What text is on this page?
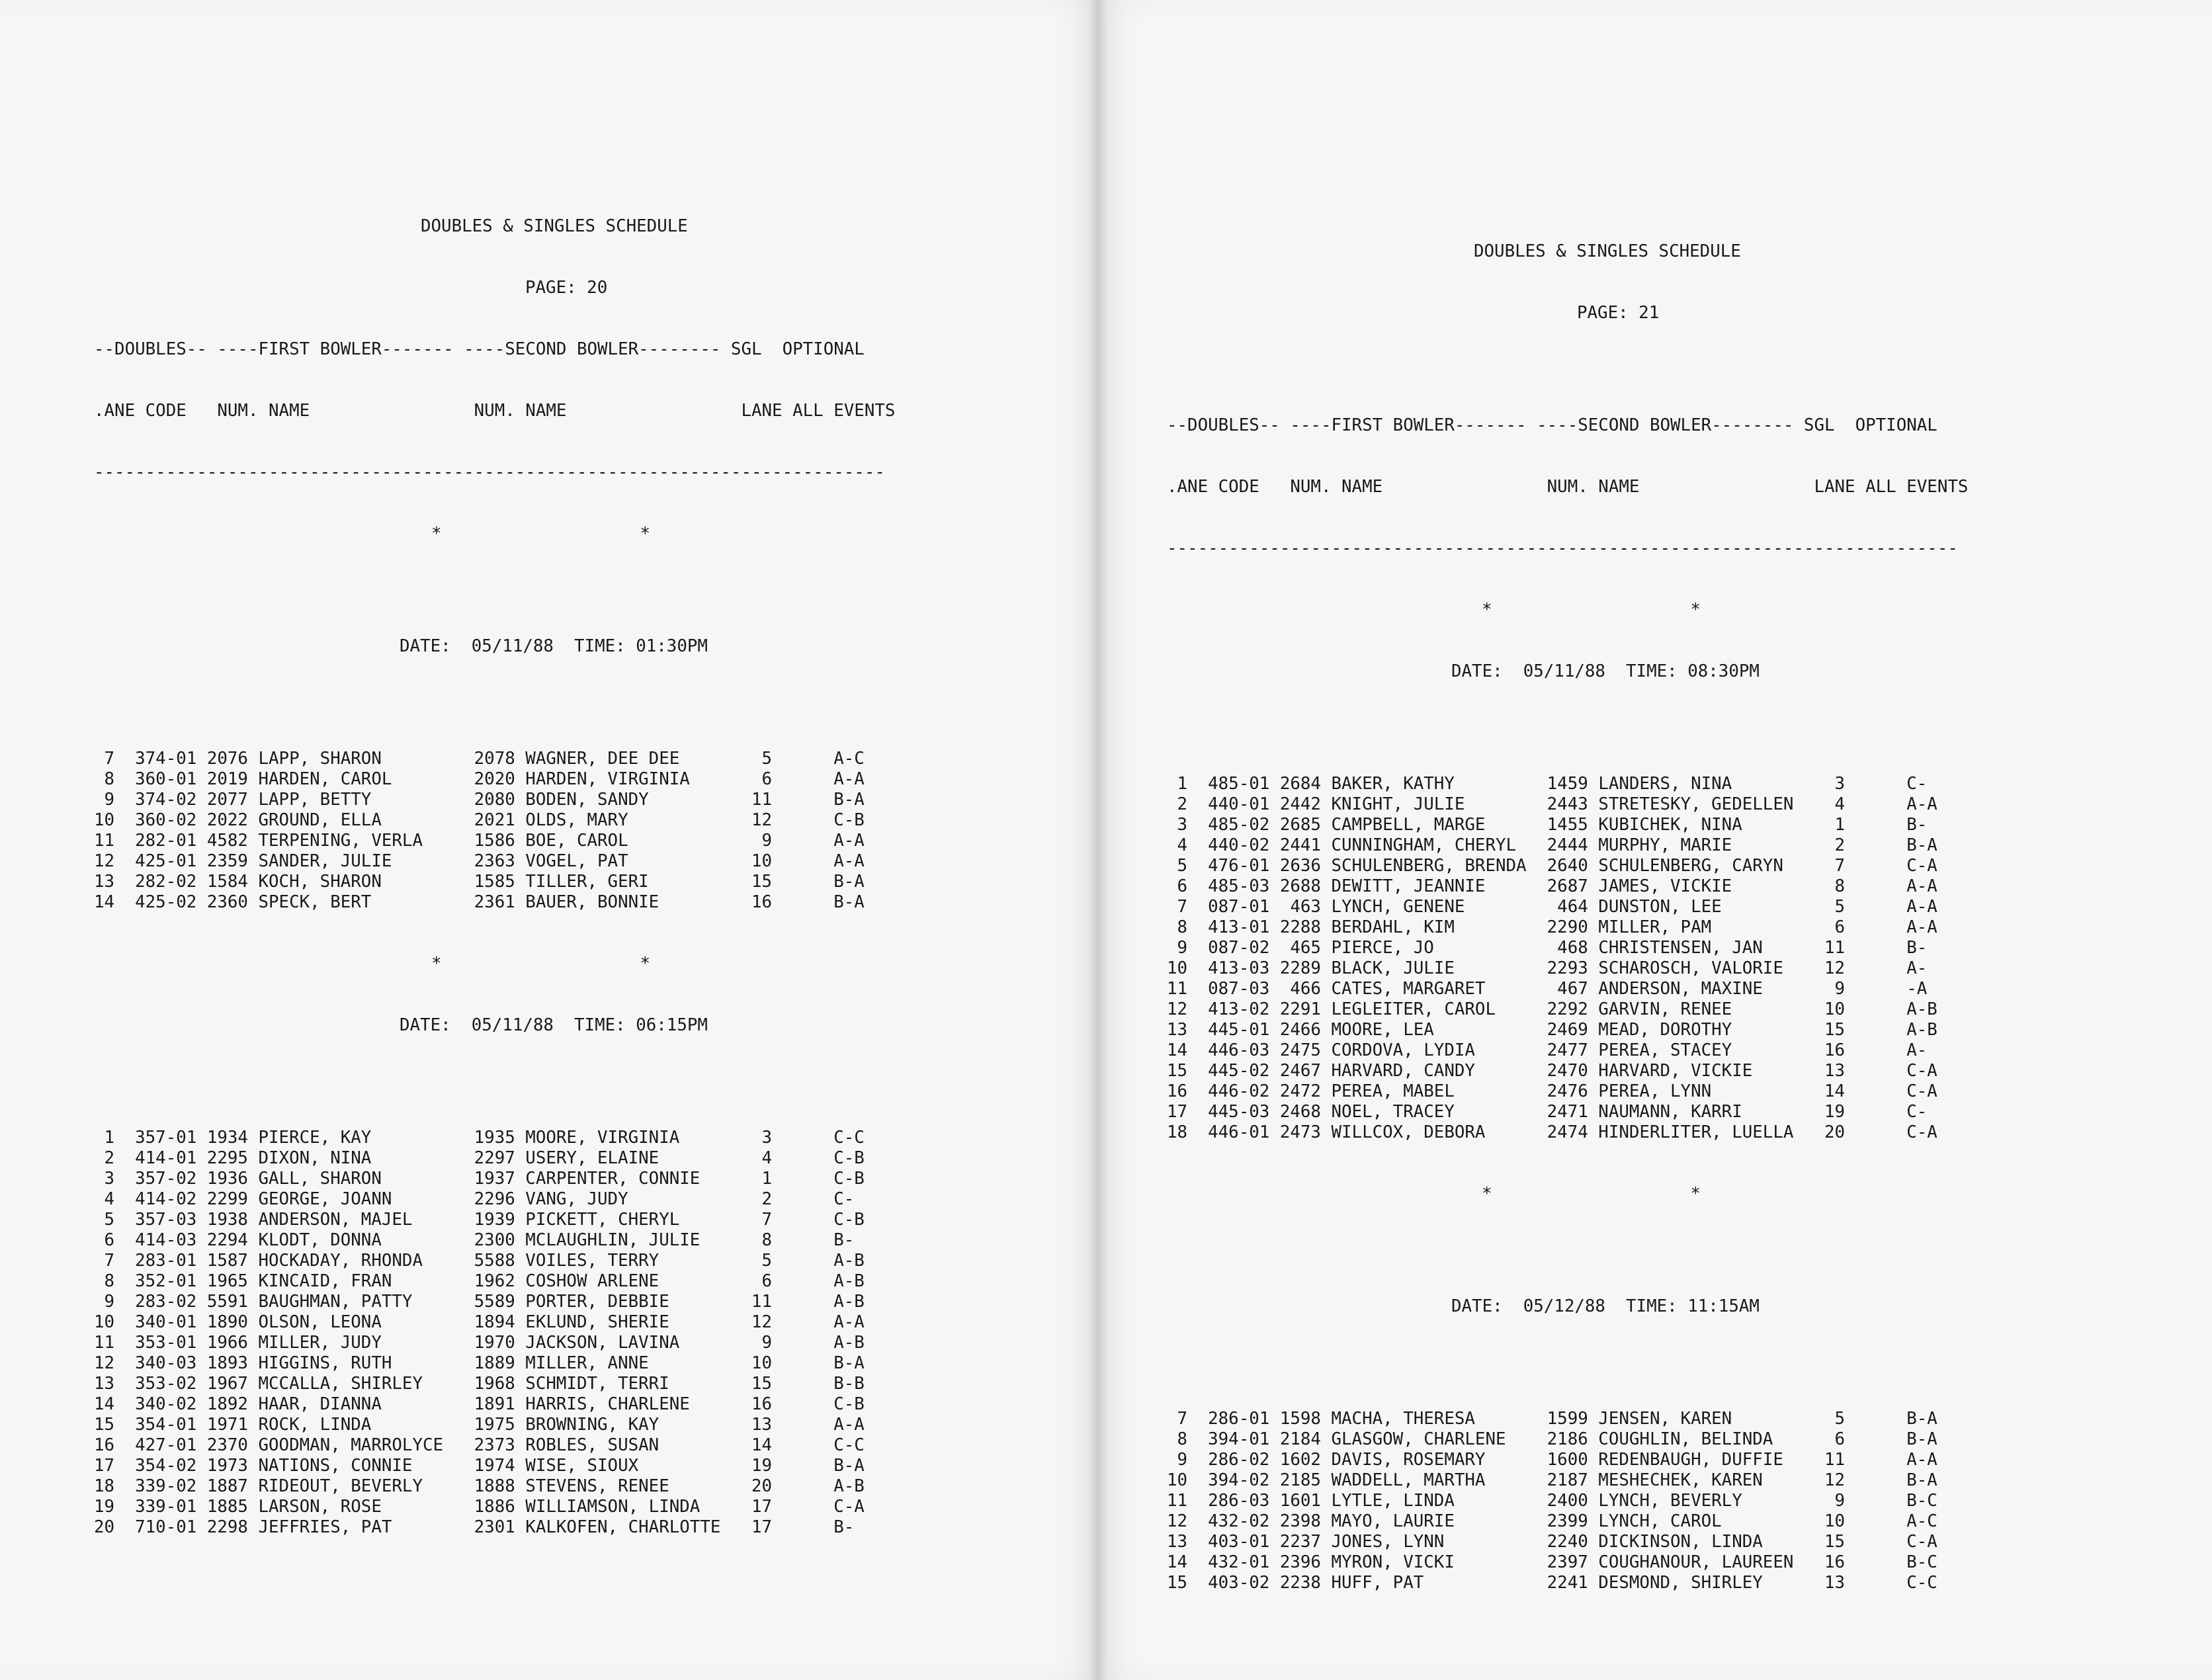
DOUBLES & SINGLES SCHEDULE

PAGE: 20

--DOUBLES-- ----FIRST BOWLER------- ----SECOND BOWLER-------- SGL  OPTIONAL

.ANE CODE   NUM. NAME                NUM. NAME                 LANE ALL EVENTS

-----------------------------------------------------------------------------

*	*

DATE:  05/11/88  TIME: 01:30PM

7  374-01 2076 LAPP, SHARON         2078 WAGNER, DEE DEE        5      A-C
8  360-01 2019 HARDEN, CAROL        2020 HARDEN, VIRGINIA       6      A-A
9  374-02 2077 LAPP, BETTY          2080 BODEN, SANDY          11      B-A
10  360-02 2022 GROUND, ELLA         2021 OLDS, MARY            12      C-B
11  282-01 4582 TERPENING, VERLA     1586 BOE, CAROL             9      A-A
12  425-01 2359 SANDER, JULIE        2363 VOGEL, PAT            10      A-A
13  282-02 1584 KOCH, SHARON         1585 TILLER, GERI          15      B-A
14  425-02 2360 SPECK, BERT          2361 BAUER, BONNIE         16      B-A

*	*

DATE:  05/11/88  TIME: 06:15PM

1  357-01 1934 PIERCE, KAY          1935 MOORE, VIRGINIA        3      C-C
2  414-01 2295 DIXON, NINA          2297 USERY, ELAINE          4      C-B
3  357-02 1936 GALL, SHARON         1937 CARPENTER, CONNIE      1      C-B
4  414-02 2299 GEORGE, JOANN        2296 VANG, JUDY             2      C-
5  357-03 1938 ANDERSON, MAJEL      1939 PICKETT, CHERYL        7      C-B
6  414-03 2294 KLODT, DONNA         2300 MCLAUGHLIN, JULIE      8      B-
7  283-01 1587 HOCKADAY, RHONDA     5588 VOILES, TERRY          5      A-B
8  352-01 1965 KINCAID, FRAN        1962 COSHOW ARLENE          6      A-B
9  283-02 5591 BAUGHMAN, PATTY      5589 PORTER, DEBBIE        11      A-B
10  340-01 1890 OLSON, LEONA         1894 EKLUND, SHERIE        12      A-A
11  353-01 1966 MILLER, JUDY         1970 JACKSON, LAVINA        9      A-B
12  340-03 1893 HIGGINS, RUTH        1889 MILLER, ANNE          10      B-A
13  353-02 1967 MCCALLA, SHIRLEY     1968 SCHMIDT, TERRI        15      B-B
14  340-02 1892 HAAR, DIANNA         1891 HARRIS, CHARLENE      16      C-B
15  354-01 1971 ROCK, LINDA          1975 BROWNING, KAY         13      A-A
16  427-01 2370 GOODMAN, MARROLYCE   2373 ROBLES, SUSAN         14      C-C
17  354-02 1973 NATIONS, CONNIE      1974 WISE, SIOUX           19      B-A
18  339-02 1887 RIDEOUT, BEVERLY     1888 STEVENS, RENEE        20      A-B
19  339-01 1885 LARSON, ROSE         1886 WILLIAMSON, LINDA     17      C-A
20  710-01 2298 JEFFRIES, PAT        2301 KALKOFEN, CHARLOTTE   17      B-

DOUBLES & SINGLES SCHEDULE

PAGE: 21

--DOUBLES-- ----FIRST BOWLER------- ----SECOND BOWLER-------- SGL  OPTIONAL

.ANE CODE   NUM. NAME                NUM. NAME                 LANE ALL EVENTS

-----------------------------------------------------------------------------

*	*

DATE:  05/11/88  TIME: 08:30PM

1  485-01 2684 BAKER, KATHY         1459 LANDERS, NINA          3      C-
2  440-01 2442 KNIGHT, JULIE        2443 STRETESKY, GEDELLEN    4      A-A
3  485-02 2685 CAMPBELL, MARGE      1455 KUBICHEK, NINA         1      B-
4  440-02 2441 CUNNINGHAM, CHERYL   2444 MURPHY, MARIE          2      B-A
5  476-01 2636 SCHULENBERG, BRENDA  2640 SCHULENBERG, CARYN     7      C-A
6  485-03 2688 DEWITT, JEANNIE      2687 JAMES, VICKIE          8      A-A
7  087-01  463 LYNCH, GENENE         464 DUNSTON, LEE           5      A-A
8  413-01 2288 BERDAHL, KIM         2290 MILLER, PAM            6      A-A
9  087-02  465 PIERCE, JO            468 CHRISTENSEN, JAN      11      B-
10  413-03 2289 BLACK, JULIE         2293 SCHAROSCH, VALORIE    12      A-
11  087-03  466 CATES, MARGARET       467 ANDERSON, MAXINE       9      -A
12  413-02 2291 LEGLEITER, CAROL     2292 GARVIN, RENEE         10      A-B
13  445-01 2466 MOORE, LEA           2469 MEAD, DOROTHY         15      A-B
14  446-03 2475 CORDOVA, LYDIA       2477 PEREA, STACEY         16      A-
15  445-02 2467 HARVARD, CANDY       2470 HARVARD, VICKIE       13      C-A
16  446-02 2472 PEREA, MABEL         2476 PEREA, LYNN           14      C-A
17  445-03 2468 NOEL, TRACEY         2471 NAUMANN, KARRI        19      C-
18  446-01 2473 WILLCOX, DEBORA      2474 HINDERLITER, LUELLA   20      C-A

*	*

DATE:  05/12/88  TIME: 11:15AM

7  286-01 1598 MACHA, THERESA       1599 JENSEN, KAREN          5      B-A
8  394-01 2184 GLASGOW, CHARLENE    2186 COUGHLIN, BELINDA      6      B-A
9  286-02 1602 DAVIS, ROSEMARY      1600 REDENBAUGH, DUFFIE    11      A-A
10  394-02 2185 WADDELL, MARTHA      2187 MESHECHEK, KAREN      12      B-A
11  286-03 1601 LYTLE, LINDA         2400 LYNCH, BEVERLY         9      B-C
12  432-02 2398 MAYO, LAURIE         2399 LYNCH, CAROL          10      A-C
13  403-01 2237 JONES, LYNN          2240 DICKINSON, LINDA      15      C-A
14  432-01 2396 MYRON, VICKI         2397 COUGHANOUR, LAUREEN   16      B-C
15  403-02 2238 HUFF, PAT            2241 DESMOND, SHIRLEY      13      C-C
